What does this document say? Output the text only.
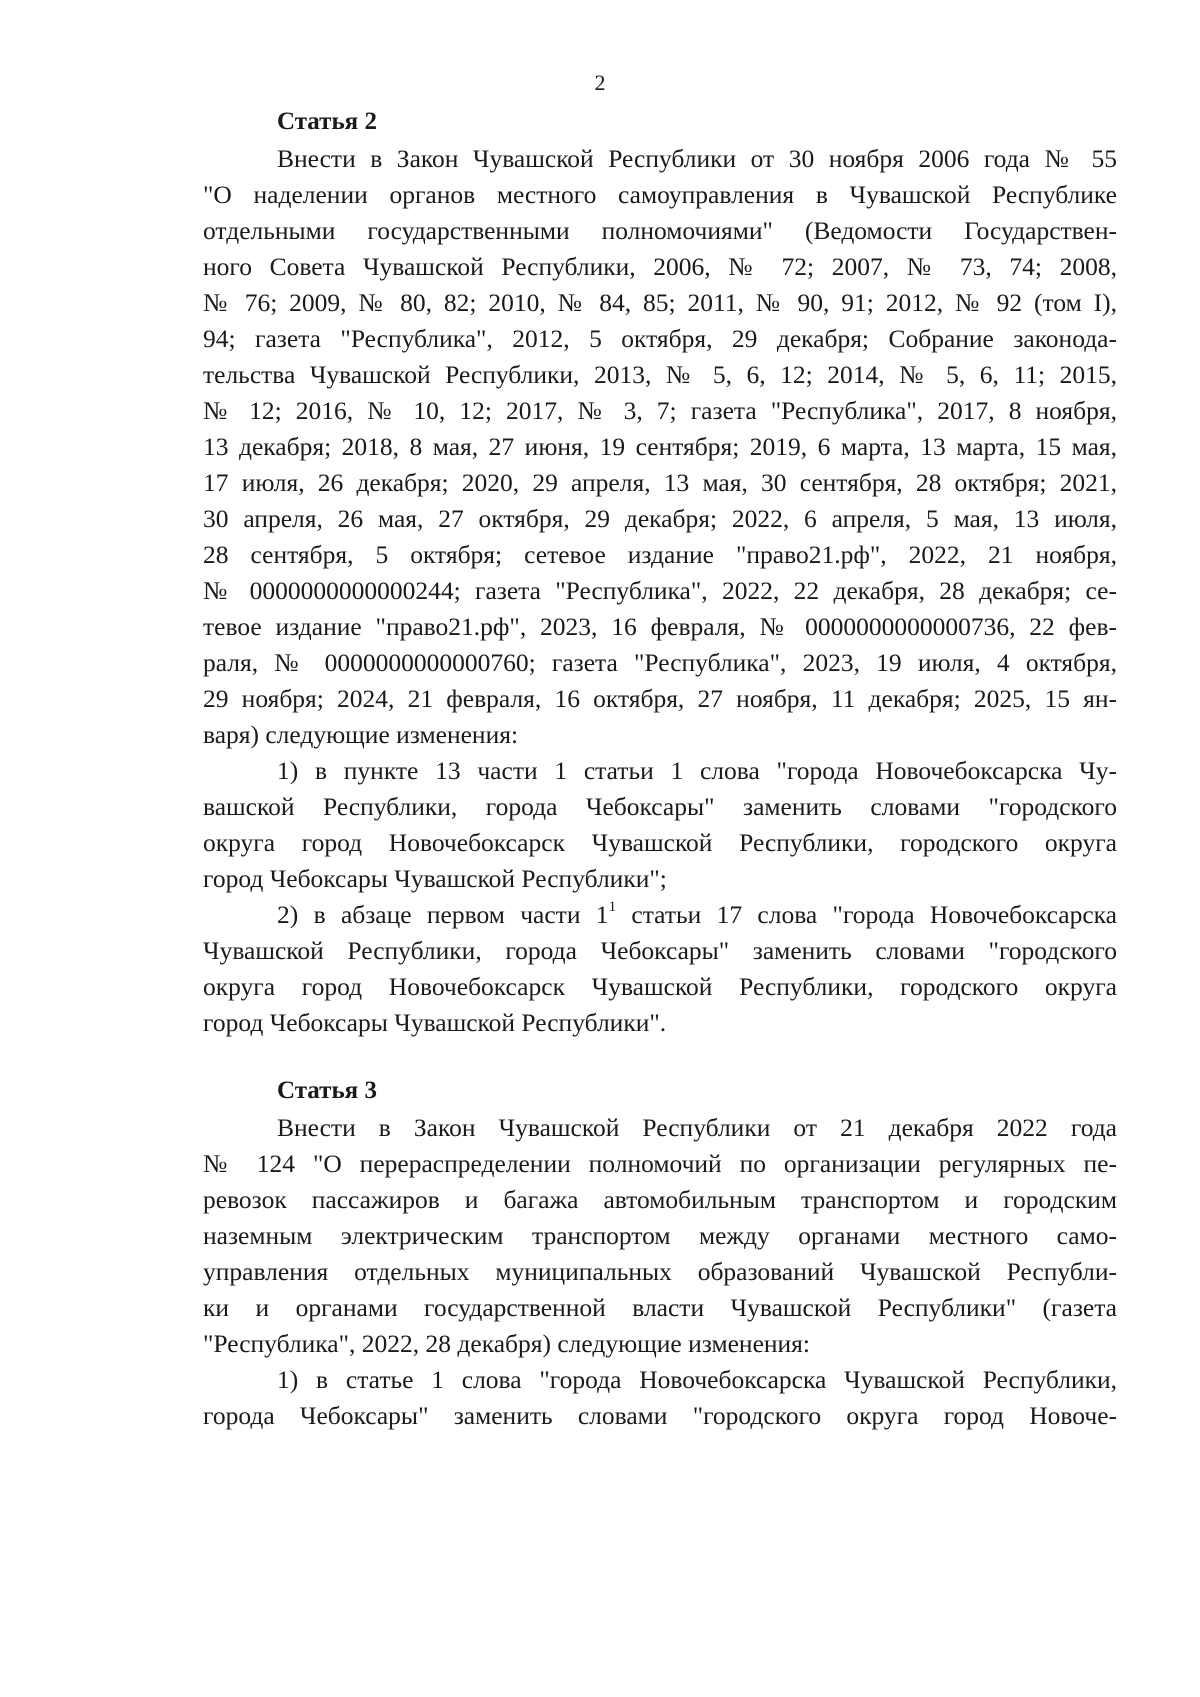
2
Статья 2
Внести в Закон Чувашской Республики от 30 ноября 2006 года № 55
"О наделении органов местного самоуправления в Чувашской Республике
отдельными государственными полномочиями" (Ведомости Государствен-
ного Совета Чувашской Республики, 2006, № 72; 2007, № 73, 74; 2008,
№ 76; 2009, № 80, 82; 2010, № 84, 85; 2011, № 90, 91; 2012, № 92 (том I),
94; газета "Республика", 2012, 5 октября, 29 декабря; Собрание законода-
тельства Чувашской Республики, 2013, № 5, 6, 12; 2014, № 5, 6, 11; 2015,
№ 12; 2016, № 10, 12; 2017, № 3, 7; газета "Республика", 2017, 8 ноября,
13 декабря; 2018, 8 мая, 27 июня, 19 сентября; 2019, 6 марта, 13 марта, 15 мая,
17 июля, 26 декабря; 2020, 29 апреля, 13 мая, 30 сентября, 28 октября; 2021,
30 апреля, 26 мая, 27 октября, 29 декабря; 2022, 6 апреля, 5 мая, 13 июля,
28 сентября, 5 октября; сетевое издание "право21.рф", 2022, 21 ноября,
№ 0000000000000244; газета "Республика", 2022, 22 декабря, 28 декабря; се-
тевое издание "право21.рф", 2023, 16 февраля, № 0000000000000736, 22 фев-
раля, № 0000000000000760; газета "Республика", 2023, 19 июля, 4 октября,
29 ноября; 2024, 21 февраля, 16 октября, 27 ноября, 11 декабря; 2025, 15 ян-
варя) следующие изменения:
1) в пункте 13 части 1 статьи 1 слова "города Новочебоксарска Чу-
вашской Республики, города Чебоксары" заменить словами "городского
округа город Новочебоксарск Чувашской Республики, городского округа
город Чебоксары Чувашской Республики";
2) в абзаце первом части $1^1$ статьи 17 слова "города Новочебоксарска
Чувашской Республики, города Чебоксары" заменить словами "городского
округа город Новочебоксарск Чувашской Республики, городского округа
город Чебоксары Чувашской Республики".
Статья 3
Внести в Закон Чувашской Республики от 21 декабря 2022 года
№ 124 "О перераспределении полномочий по организации регулярных пе-
ревозок пассажиров и багажа автомобильным транспортом и городским
наземным электрическим транспортом между органами местного само-
управления отдельных муниципальных образований Чувашской Республи-
ки и органами государственной власти Чувашской Республики" (газета
"Республика", 2022, 28 декабря) следующие изменения:
1) в статье 1 слова "города Новочебоксарска Чувашской Республики,
города Чебоксары" заменить словами "городского округа город Новоче-
